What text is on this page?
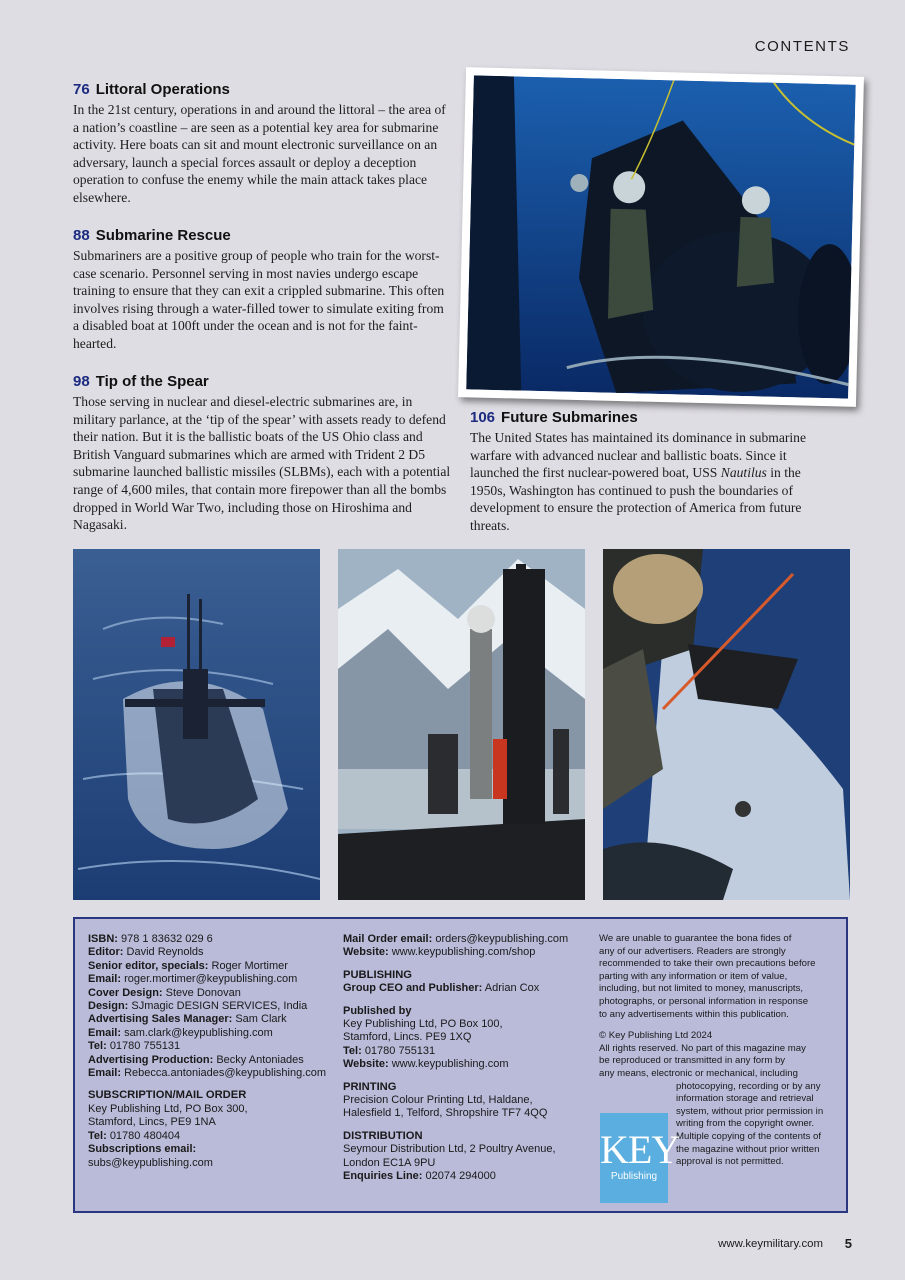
CONTENTS
76 Littoral Operations

In the 21st century, operations in and around the littoral – the area of a nation’s coastline – are seen as a potential key area for submarine activity. Here boats can sit and mount electronic surveillance on an adversary, launch a special forces assault or deploy a deception operation to confuse the enemy while the main attack takes place elsewhere.

88 Submarine Rescue

Submariners are a positive group of people who train for the worst-case scenario. Personnel serving in most navies undergo escape training to ensure that they can exit a crippled submarine. This often involves rising through a water-filled tower to simulate exiting from a disabled boat at 100ft under the ocean and is not for the faint-hearted.

98 Tip of the Spear

Those serving in nuclear and diesel-electric submarines are, in military parlance, at the ‘tip of the spear’ with assets ready to defend their nation. But it is the ballistic boats of the US Ohio class and British Vanguard submarines which are armed with Trident 2 D5 submarine launched ballistic missiles (SLBMs), each with a potential range of 4,600 miles, that contain more firepower than all the bombs dropped in World War Two, including those on Hiroshima and Nagasaki.

106 Future Submarines

The United States has maintained its dominance in submarine warfare with advanced nuclear and ballistic boats. Since it launched the first nuclear-powered boat, USS Nautilus in the 1950s, Washington has continued to push the boundaries of development to ensure the protection of America from future threats.

ISBN: 978 1 83632 029 6

Editor: David Reynolds

Senior editor, specials: Roger Mortimer

Email: roger.mortimer@keypublishing.com

Cover Design: Steve Donovan

Design: SJmagic DESIGN SERVICES, India

Advertising Sales Manager: Sam Clark

Email: sam.clark@keypublishing.com

Tel: 01780 755131

Advertising Production: Becky Antoniades

Email: Rebecca.antoniades@keypublishing.com

SUBSCRIPTION/MAIL ORDER

Key Publishing Ltd, PO Box 300,

Stamford, Lincs, PE9 1NA

Tel: 01780 480404

Subscriptions email:

subs@keypublishing.com

Mail Order email: orders@keypublishing.com

Website: www.keypublishing.com/shop

PUBLISHING

Group CEO and Publisher: Adrian Cox

Published by

Key Publishing Ltd, PO Box 100,

Stamford, Lincs. PE9 1XQ

Tel: 01780 755131

Website: www.keypublishing.com

PRINTING

Precision Colour Printing Ltd, Haldane,

Halesfield 1, Telford, Shropshire TF7 4QQ

DISTRIBUTION

Seymour Distribution Ltd, 2 Poultry Avenue,

London EC1A 9PU

Enquiries Line: 02074 294000

We are unable to guarantee the bona fides of

any of our advertisers. Readers are strongly

recommended to take their own precautions before

parting with any information or item of value,

including, but not limited to money, manuscripts,

photographs, or personal information in response

to any advertisements within this publication.

© Key Publishing Ltd 2024

All rights reserved. No part of this magazine may

be reproduced or transmitted in any form by

any means, electronic or mechanical, including

photocopying, recording or by any

information storage and retrieval

system, without prior permission in

writing from the copyright owner.

Multiple copying of the contents of

the magazine without prior written

approval is not permitted.

KEY
Publishing
www.keymilitary.com 5
